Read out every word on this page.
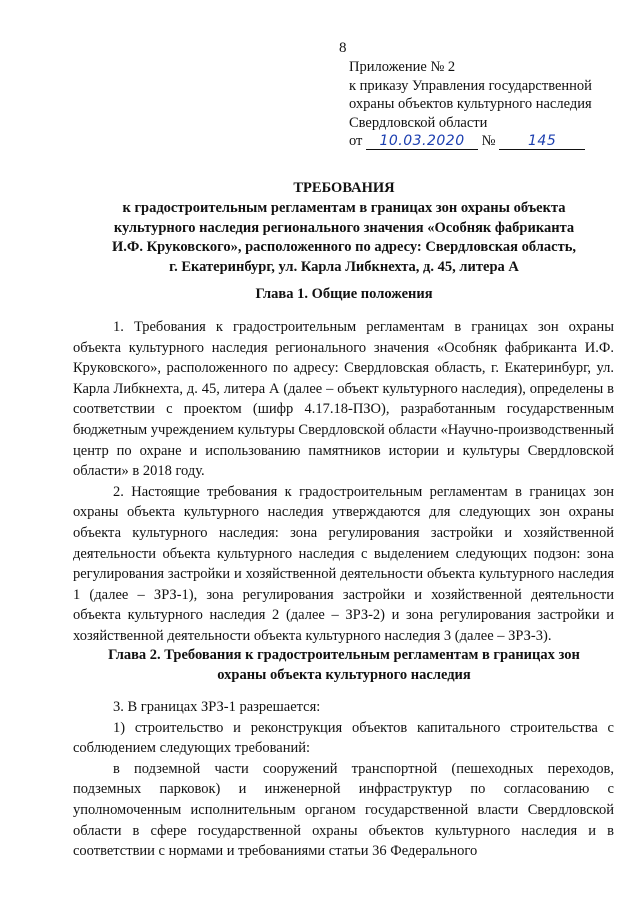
8
Приложение № 2
к приказу Управления государственной
охраны объектов культурного наследия
Свердловской области
от 10.03.2020 № 145
ТРЕБОВАНИЯ
к градостроительным регламентам в границах зон охраны объекта
культурного наследия регионального значения «Особняк фабриканта
И.Ф. Круковского», расположенного по адресу: Свердловская область,
г. Екатеринбург, ул. Карла Либкнехта, д. 45, литера А
Глава 1. Общие положения

1. Требования к градостроительным регламентам в границах зон охраны объекта культурного наследия регионального значения «Особняк фабриканта И.Ф. Круковского», расположенного по адресу: Свердловская область, г. Екатеринбург, ул. Карла Либкнехта, д. 45, литера А (далее – объект культурного наследия), определены в соответствии с проектом (шифр 4.17.18-ПЗО), разработанным государственным бюджетным учреждением культуры Свердловской области «Научно-производственный центр по охране и использованию памятников истории и культуры Свердловской области» в 2018 году.

2. Настоящие требования к градостроительным регламентам в границах зон охраны объекта культурного наследия утверждаются для следующих зон охраны объекта культурного наследия: зона регулирования застройки и хозяйственной деятельности объекта культурного наследия с выделением следующих подзон: зона регулирования застройки и хозяйственной деятельности объекта культурного наследия 1 (далее – ЗРЗ-1), зона регулирования застройки и хозяйственной деятельности объекта культурного наследия 2 (далее – ЗРЗ-2) и зона регулирования застройки и хозяйственной деятельности объекта культурного наследия 3 (далее – ЗРЗ-3).

Глава 2. Требования к градостроительным регламентам в границах зон
охраны объекта культурного наследия

3. В границах ЗРЗ-1 разрешается:

1) строительство и реконструкция объектов капитального строительства с соблюдением следующих требований:

в подземной части сооружений транспортной (пешеходных переходов, подземных парковок) и инженерной инфраструктур по согласованию с уполномоченным исполнительным органом государственной власти Свердловской области в сфере государственной охраны объектов культурного наследия и в соответствии с нормами и требованиями статьи 36 Федерального
